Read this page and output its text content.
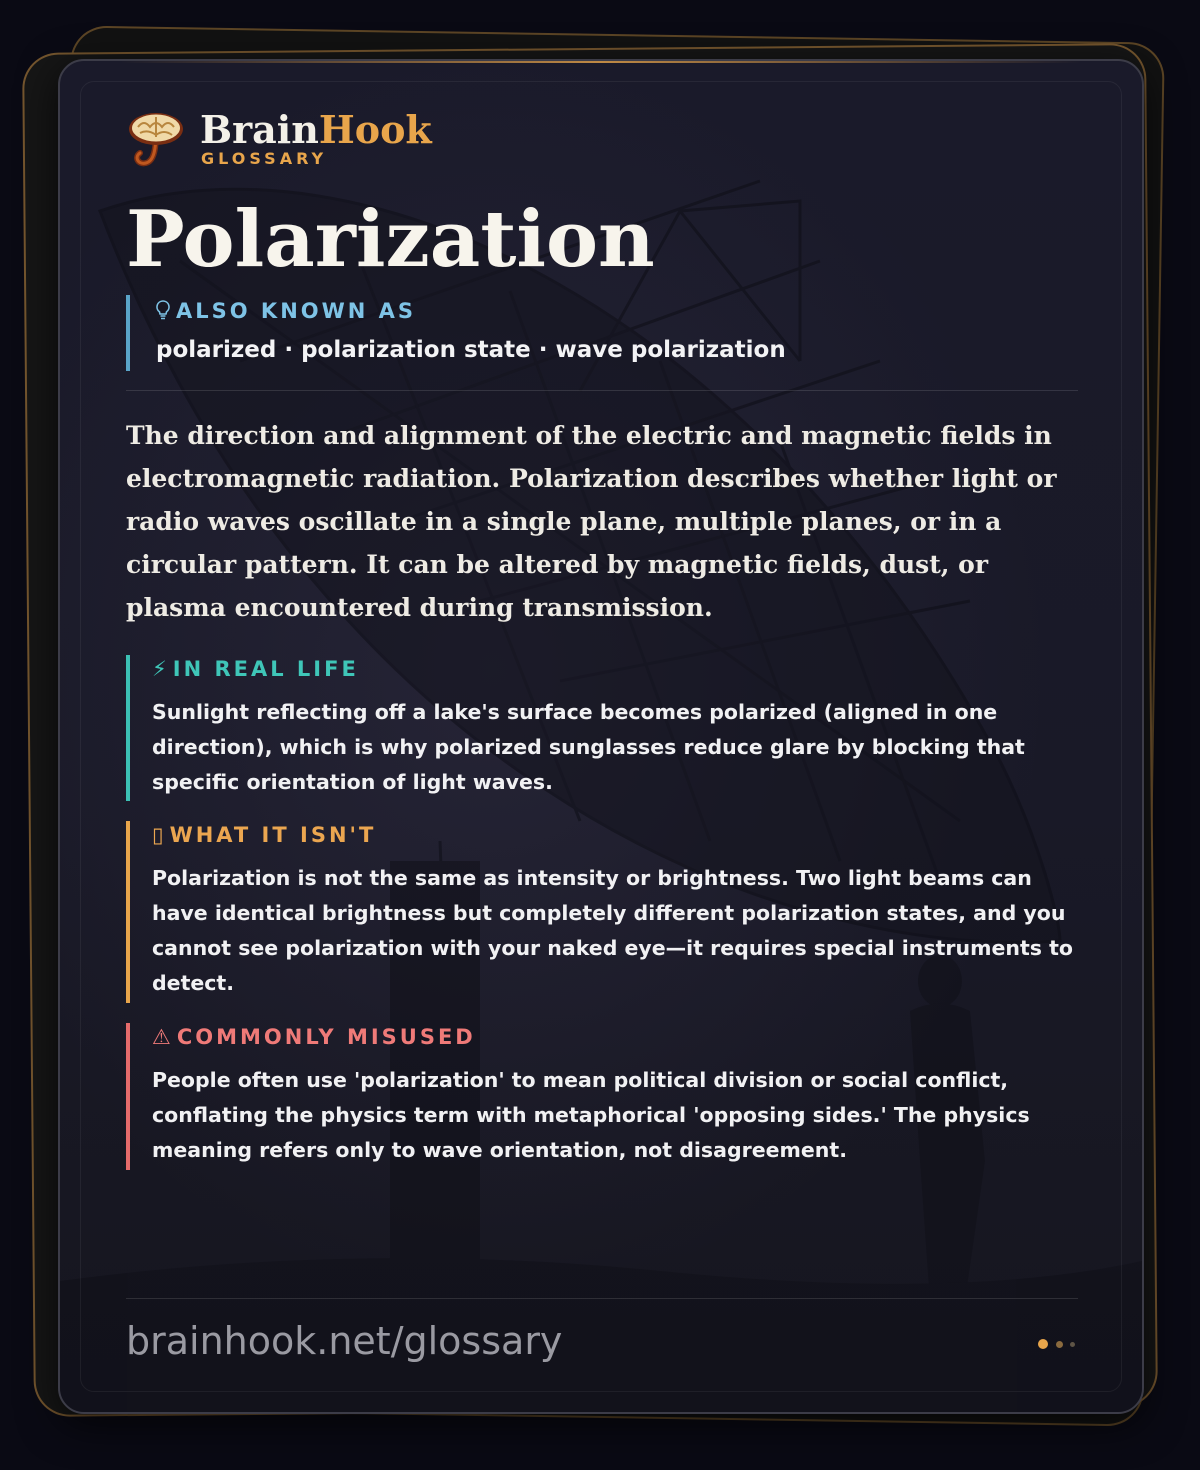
BrainHook
GLOSSARY
Polarization
ALSO KNOWN AS
polarized · polarization state · wave polarization
The direction and alignment of the electric and magnetic fields in electromagnetic radiation. Polarization describes whether light or radio waves oscillate in a single plane, multiple planes, or in a circular pattern. It can be altered by magnetic fields, dust, or plasma encountered during transmission.
⚡ IN REAL LIFE
Sunlight reflecting off a lake's surface becomes polarized (aligned in one direction), which is why polarized sunglasses reduce glare by blocking that specific orientation of light waves.
▯ WHAT IT ISN'T
Polarization is not the same as intensity or brightness. Two light beams can have identical brightness but completely different polarization states, and you cannot see polarization with your naked eye—it requires special instruments to detect.
⚠ COMMONLY MISUSED
People often use 'polarization' to mean political division or social conflict, conflating the physics term with metaphorical 'opposing sides.' The physics meaning refers only to wave orientation, not disagreement.
brainhook.net/glossary
